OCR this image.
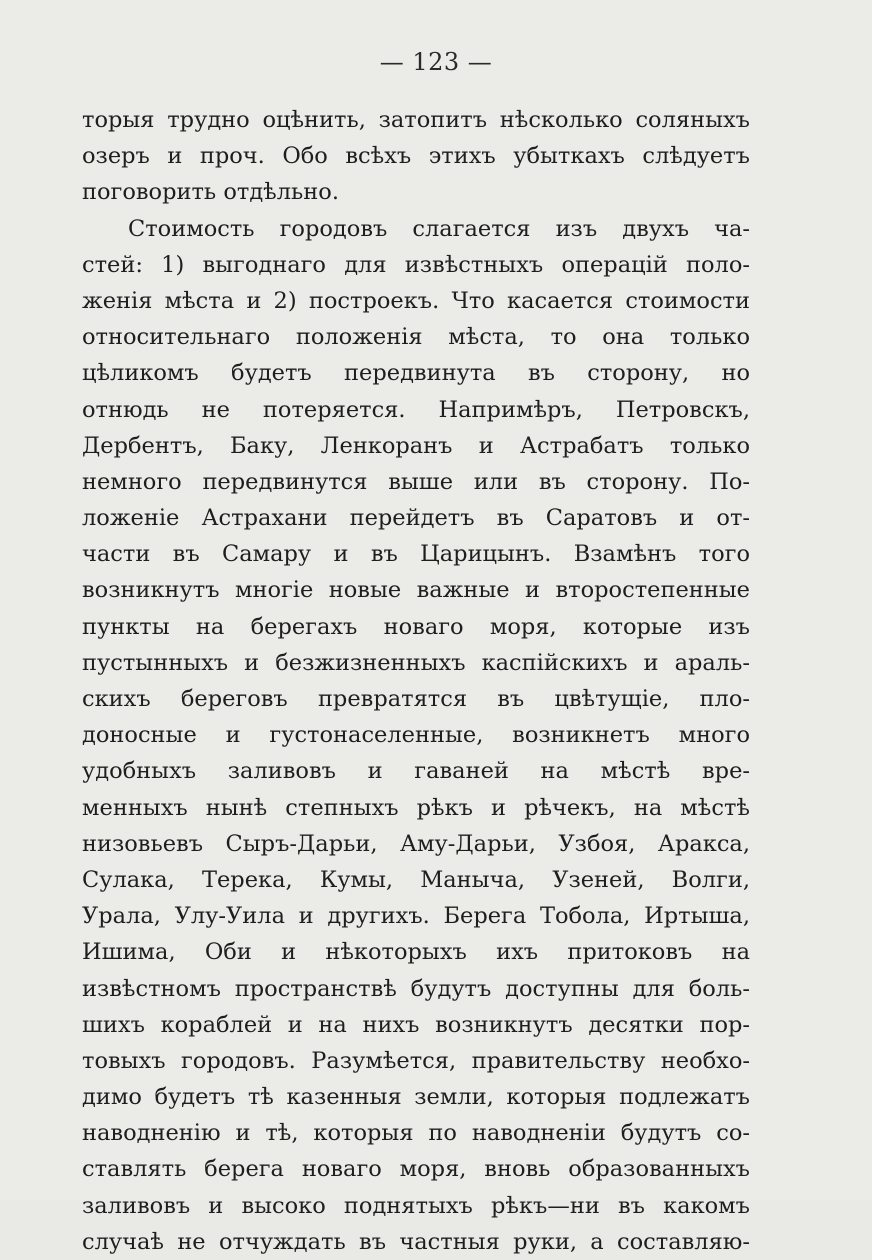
— 123 —
торыя трудно оцѣнить, затопитъ нѣсколько соляныхъ
озеръ и проч. Обо всѣхъ этихъ убыткахъ слѣдуетъ
поговорить отдѣльно.
Стоимость городовъ слагается изъ двухъ ча-
стей: 1) выгоднаго для извѣстныхъ операцій поло-
женія мѣста и 2) построекъ. Что касается стоимости
относительнаго положенія мѣста, то она только
цѣликомъ будетъ передвинута въ сторону, но
отнюдь не потеряется. Напримѣръ, Петровскъ,
Дербентъ, Баку, Ленкоранъ и Астрабатъ только
немного передвинутся выше или въ сторону. По-
ложеніе Астрахани перейдетъ въ Саратовъ и от-
части въ Самару и въ Царицынъ. Взамѣнъ того
возникнутъ многіе новые важные и второстепенные
пункты на берегахъ новаго моря, которые изъ
пустынныхъ и безжизненныхъ каспійскихъ и араль-
скихъ береговъ превратятся въ цвѣтущіе, пло-
доносные и густонаселенные, возникнетъ много
удобныхъ заливовъ и гаваней на мѣстѣ вре-
менныхъ нынѣ степныхъ рѣкъ и рѣчекъ, на мѣстѣ
низовьевъ Сыръ-Дарьи, Аму-Дарьи, Узбоя, Аракса,
Сулака, Терека, Кумы, Манычa, Узеней, Волги,
Урала, Улу-Уила и другихъ. Берега Тобола, Иртыша,
Ишима, Оби и нѣкоторыхъ ихъ притоковъ на
извѣстномъ пространствѣ будутъ доступны для боль-
шихъ кораблей и на нихъ возникнутъ десятки пор-
товыхъ городовъ. Разумѣется, правительству необхо-
димо будетъ тѣ казенныя земли, которыя подлежатъ
наводненію и тѣ, которыя по наводненіи будутъ со-
ставлять берега новаго моря, вновь образованныхъ
заливовъ и высоко поднятыхъ рѣкъ—ни въ какомъ
случаѣ не отчуждать въ частныя руки, а составляю-
